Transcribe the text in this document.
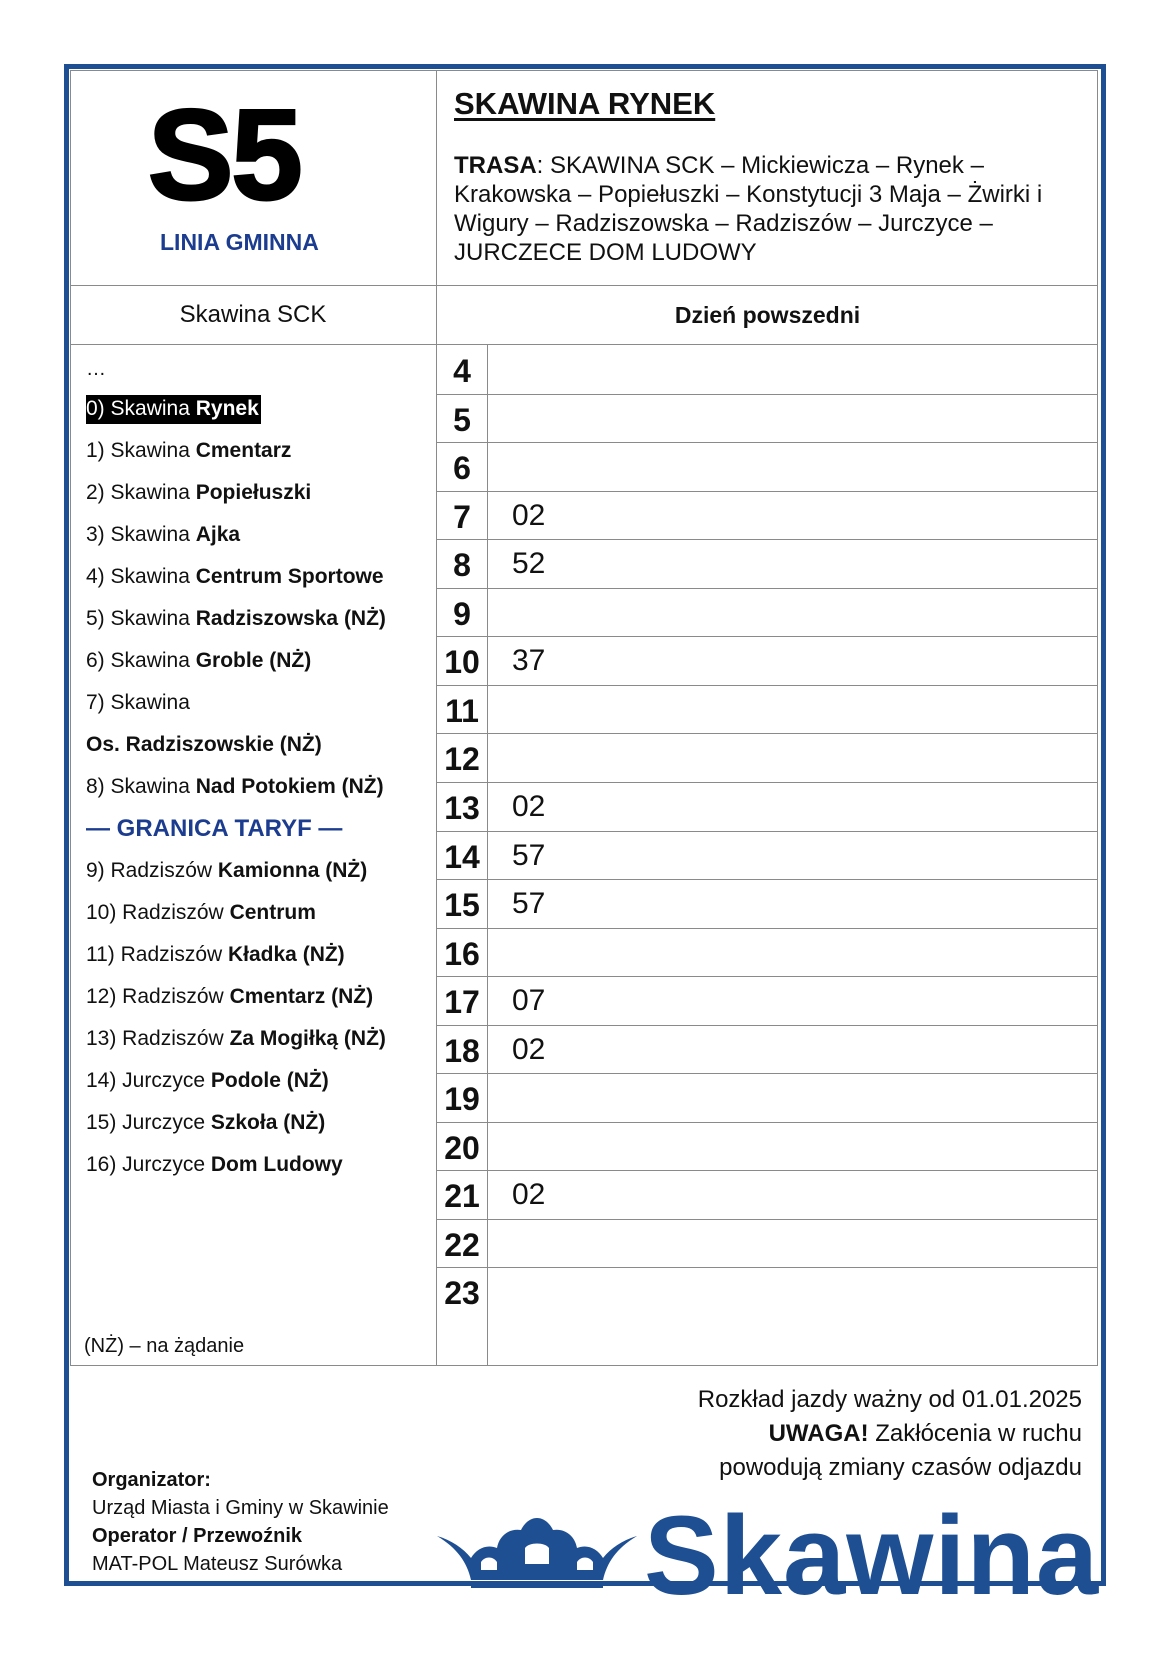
S5
LINIA GMINNA
SKAWINA RYNEK
TRASA: SKAWINA SCK – Mickiewicza – Rynek – Krakowska – Popiełuszki – Konstytucji 3 Maja – Żwirki i Wigury – Radziszowska – Radziszów – Jurczyce – JURCZECE DOM LUDOWY
Skawina SCK	Dzień powszedni
…
0) Skawina Rynek
1) Skawina Cmentarz
2) Skawina Popiełuszki
3) Skawina Ajka
4) Skawina Centrum Sportowe
5) Skawina Radziszowska (NŻ)
6) Skawina Groble (NŻ)
7) Skawina
Os. Radziszowskie (NŻ)
8) Skawina Nad Potokiem (NŻ)
— GRANICA TARYF —
9) Radziszów Kamionna (NŻ)
10) Radziszów Centrum
11) Radziszów Kładka (NŻ)
12) Radziszów Cmentarz (NŻ)
13) Radziszów Za Mogiłką (NŻ)
14) Jurczyce Podole (NŻ)
15) Jurczyce Szkoła (NŻ)
16) Jurczyce Dom Ludowy
(NŻ) – na żądanie
4
5
6
7	02
8	52
9
10 37
11
12
13 02
14 57
15 57
16
17 07
18 02
19
20
21 02
22
23
Rozkład jazdy ważny od 01.01.2025
UWAGA! Zakłócenia w ruchu
powodują zmiany czasów odjazdu
Organizator:
Urząd Miasta i Gminy w Skawinie
Operator / Przewoźnik
MAT-POL Mateusz Surówka	Skawina
